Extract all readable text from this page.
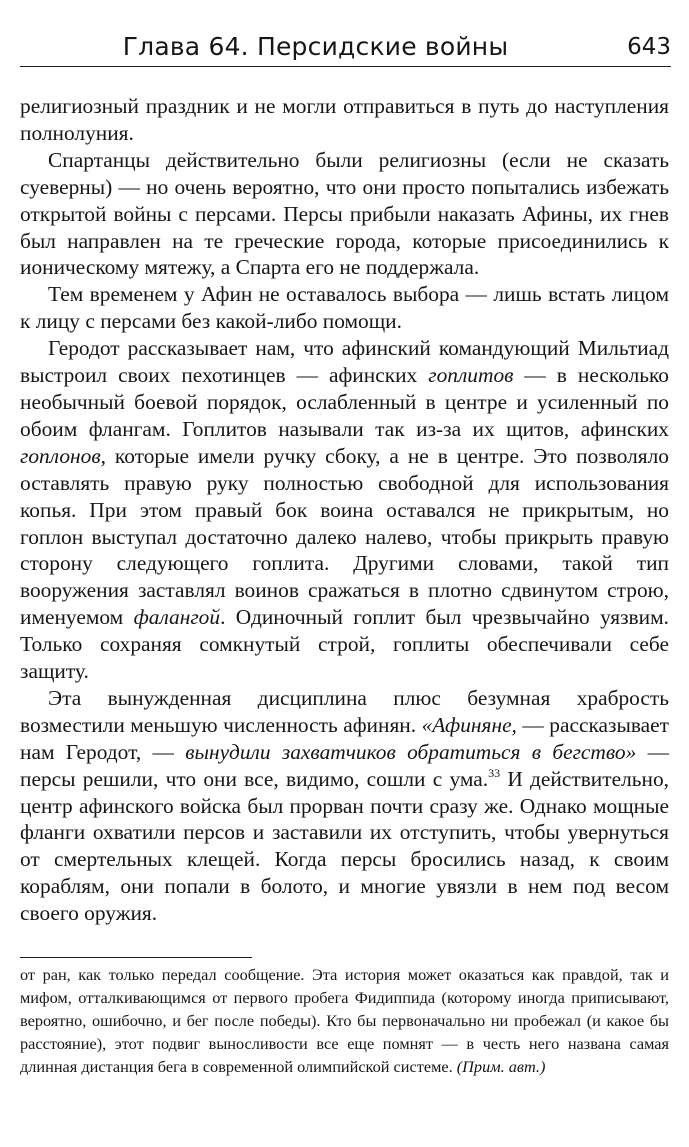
Глава 64. Персидские войны	643

религиозный праздник и не могли отправиться в путь до наступления полнолуния.

Спартанцы действительно были религиозны (если не сказать суеверны) — но очень вероятно, что они просто попытались избежать открытой войны с персами. Персы прибыли наказать Афины, их гнев был направлен на те греческие города, которые присоединились к ионическому мятежу, а Спарта его не поддержала.

Тем временем у Афин не оставалось выбора — лишь встать лицом к лицу с персами без какой-либо помощи.

Геродот рассказывает нам, что афинский командующий Мильтиад выстроил своих пехотинцев — афинских гоплитов — в несколько необычный боевой порядок, ослабленный в центре и усиленный по обоим флангам. Гоплитов называли так из-за их щитов, афинских гоплонов, которые имели ручку сбоку, а не в центре. Это позволяло оставлять правую руку полностью свободной для использования копья. При этом правый бок воина оставался не прикрытым, но гоплон выступал достаточно далеко налево, чтобы прикрыть правую сторону следующего гоплита. Другими словами, такой тип вооружения заставлял воинов сражаться в плотно сдвинутом строю, именуемом фалангой. Одиночный гоплит был чрезвычайно уязвим. Только сохраняя сомкнутый строй, гоплиты обеспечивали себе защиту.

Эта вынужденная дисциплина плюс безумная храбрость возместили меньшую численность афинян. «Афиняне, — рассказывает нам Геродот, — вынудили захватчиков обратиться в бегство» — персы решили, что они все, видимо, сошли с ума.$^{33}$ И действительно, центр афинского войска был прорван почти сразу же. Однако мощные фланги охватили персов и заставили их отступить, чтобы увернуться от смертельных клещей. Когда персы бросились назад, к своим кораблям, они попали в болото, и многие увязли в нем под весом своего оружия.

от ран, как только передал сообщение. Эта история может оказаться как правдой, так и мифом, отталкивающимся от первого пробега Фидиппида (которому иногда приписывают, вероятно, ошибочно, и бег после победы). Кто бы первоначально ни пробежал (и какое бы расстояние), этот подвиг выносливости все еще помнят — в честь него названа самая длинная дистанция бега в современной олимпийской системе. (Прим. авт.)
